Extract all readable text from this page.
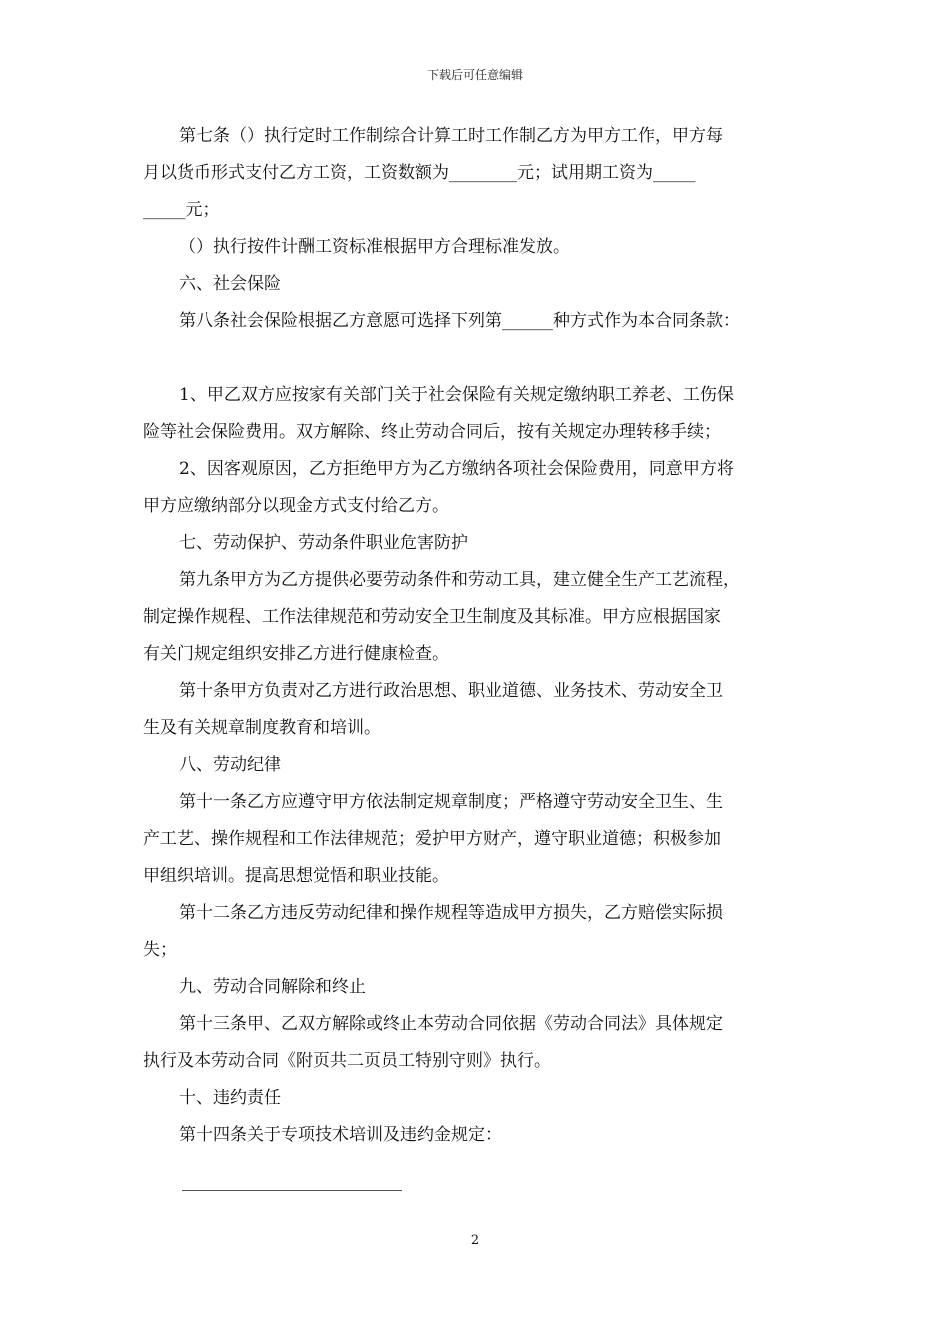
下载后可任意编辑
第七条（）执行定时工作制综合计算工时工作制乙方为甲方工作，甲方每
月以货币形式支付乙方工资，工资数额为________元；试用期工资为_____
_____元；
（）执行按件计酬工资标准根据甲方合理标准发放。
六、社会保险
第八条社会保险根据乙方意愿可选择下列第______种方式作为本合同条款：
1、甲乙双方应按家有关部门关于社会保险有关规定缴纳职工养老、工伤保
险等社会保险费用。双方解除、终止劳动合同后，按有关规定办理转移手续；
2、因客观原因，乙方拒绝甲方为乙方缴纳各项社会保险费用，同意甲方将
甲方应缴纳部分以现金方式支付给乙方。
七、劳动保护、劳动条件职业危害防护
第九条甲方为乙方提供必要劳动条件和劳动工具，建立健全生产工艺流程，
制定操作规程、工作法律规范和劳动安全卫生制度及其标准。甲方应根据国家
有关门规定组织安排乙方进行健康检查。
第十条甲方负责对乙方进行政治思想、职业道德、业务技术、劳动安全卫
生及有关规章制度教育和培训。
八、劳动纪律
第十一条乙方应遵守甲方依法制定规章制度；严格遵守劳动安全卫生、生
产工艺、操作规程和工作法律规范；爱护甲方财产，遵守职业道德；积极参加
甲组织培训。提高思想觉悟和职业技能。
第十二条乙方违反劳动纪律和操作规程等造成甲方损失，乙方赔偿实际损
失；
九、劳动合同解除和终止
第十三条甲、乙双方解除或终止本劳动合同依据《劳动合同法》具体规定
执行及本劳动合同《附页共二页员工特别守则》执行。
十、违约责任
第十四条关于专项技术培训及违约金规定：
2
